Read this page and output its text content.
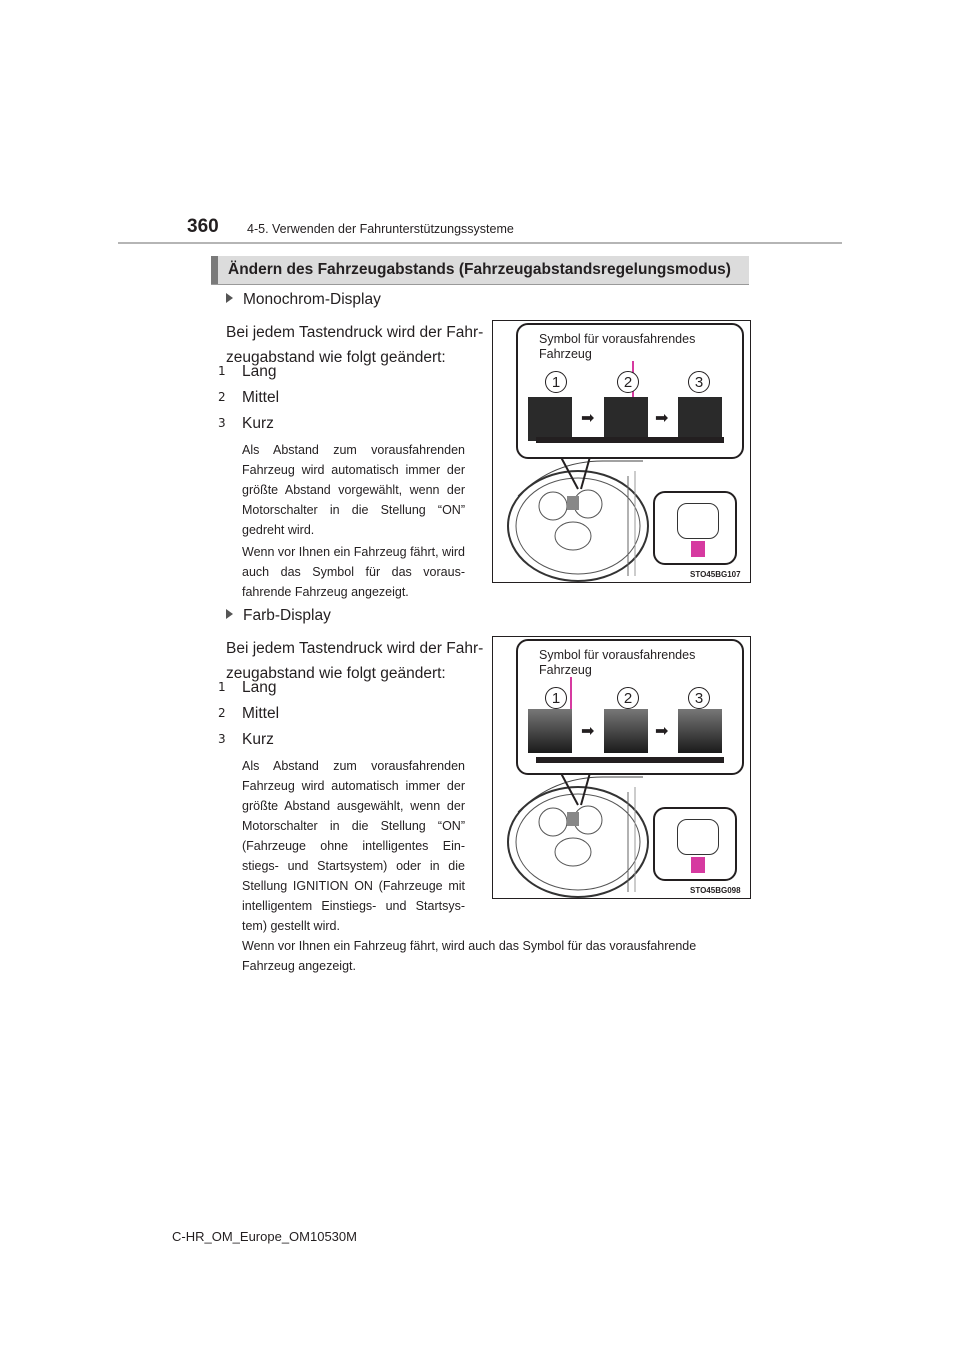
360 4-5. Verwenden der Fahrunterstützungssysteme
Ändern des Fahrzeugabstands (Fahrzeugabstandsregelungsmodus)
Monochrom-Display
Bei jedem Tastendruck wird der Fahr-zeugabstand wie folgt geändert:
1 Lang
2 Mittel
3 Kurz
Als Abstand zum vorausfahrenden Fahrzeug wird automatisch immer der größte Abstand vorgewählt, wenn der Motorschalter in die Stellung “ON” gedreht wird.
Wenn vor Ihnen ein Fahrzeug fährt, wird auch das Symbol für das voraus-fahrende Fahrzeug angezeigt.
Symbol für vorausfahrendes Fahrzeug
1	2	3
➡	➡
STO45BG107
Farb-Display
Bei jedem Tastendruck wird der Fahr-zeugabstand wie folgt geändert:
1 Lang
2 Mittel
3 Kurz
Als Abstand zum vorausfahrenden Fahrzeug wird automatisch immer der größte Abstand ausgewählt, wenn der Motorschalter in die Stellung “ON” (Fahrzeuge ohne intelligentes Ein-stiegs- und Startsystem) oder in die Stellung IGNITION ON (Fahrzeuge mit intelligentem Einstiegs- und Startsys-tem) gestellt wird.
Wenn vor Ihnen ein Fahrzeug fährt, wird auch das Symbol für das vorausfahrende Fahrzeug angezeigt.
Symbol für vorausfahrendes Fahrzeug
1	2	3
➡	➡
STO45BG098
C-HR_OM_Europe_OM10530M
